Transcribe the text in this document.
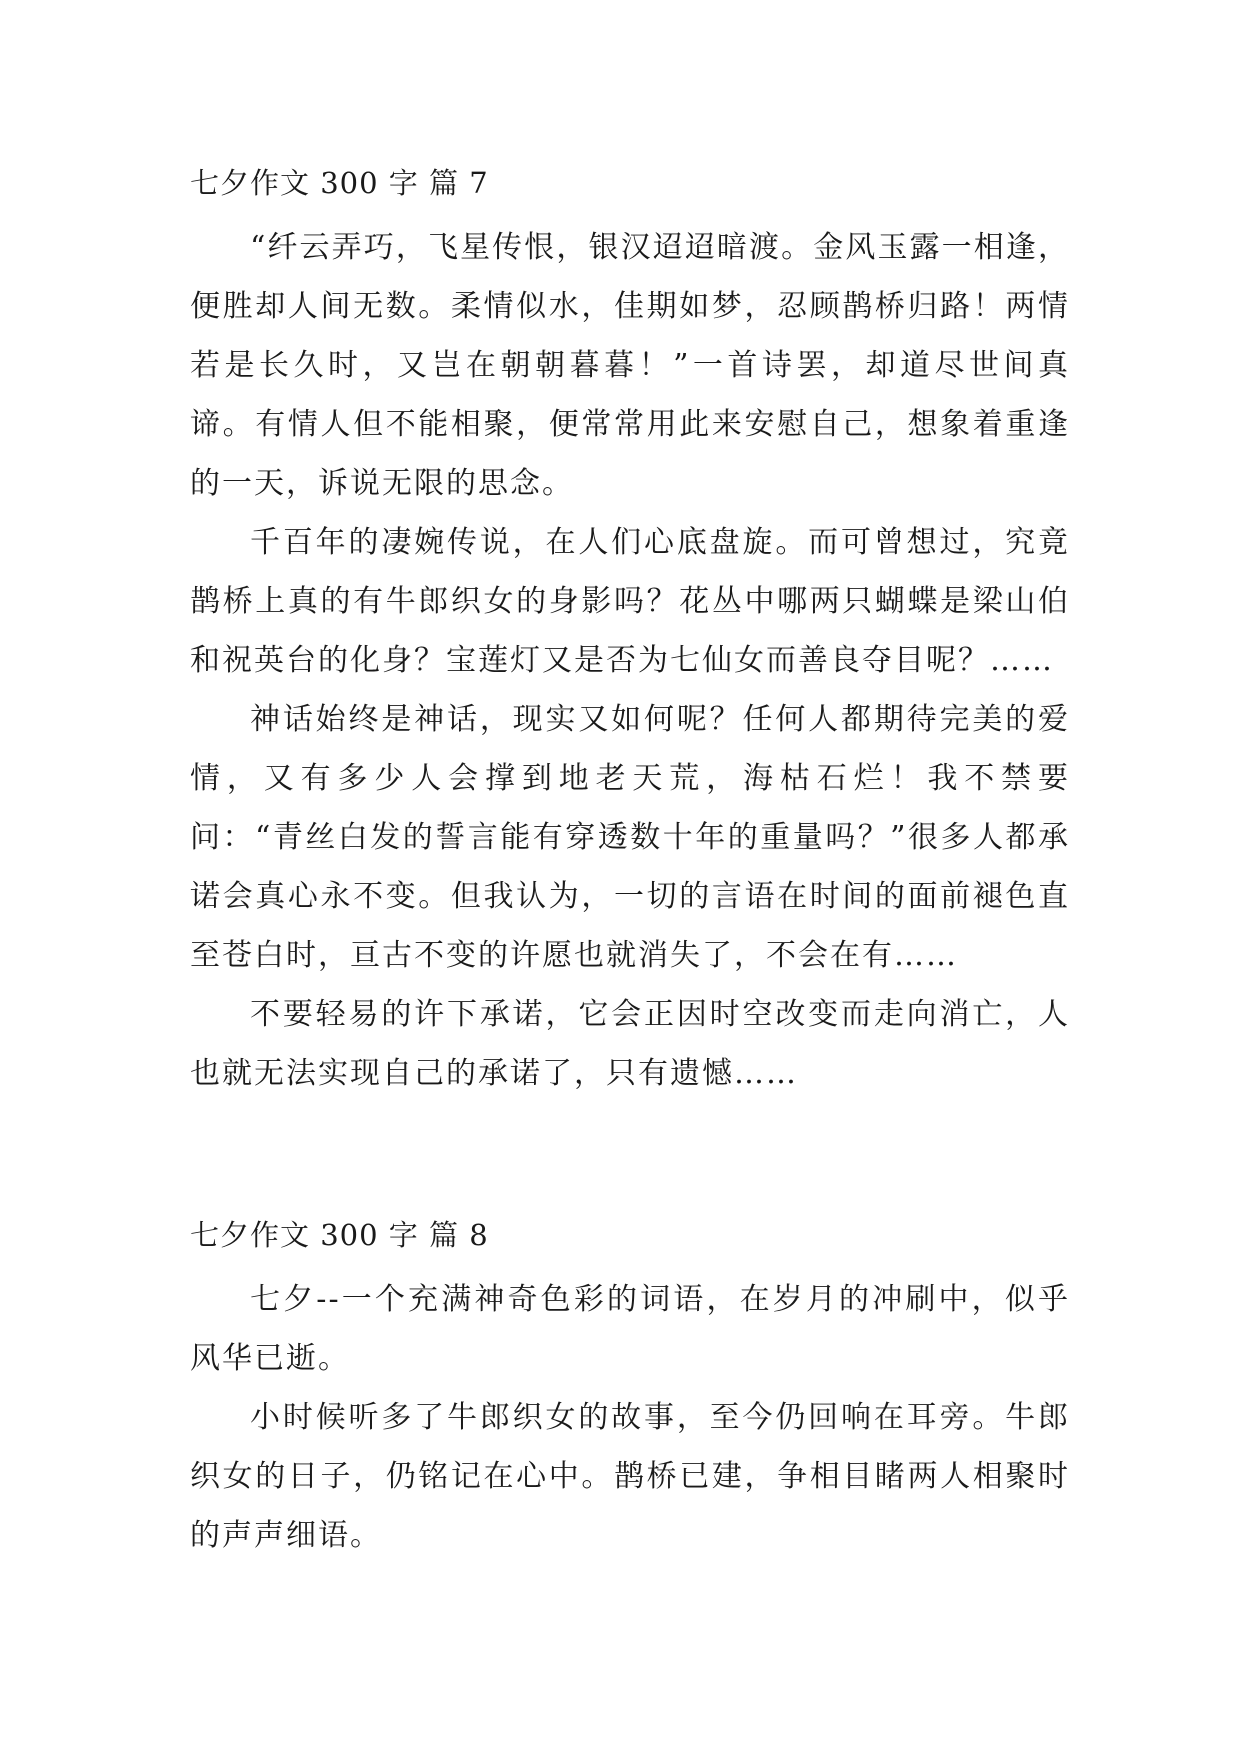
七夕作文 300 字 篇 7

“纤云弄巧，飞星传恨，银汉迢迢暗渡。金风玉露一相逢，便胜却人间无数。柔情似水，佳期如梦，忍顾鹊桥归路！两情若是长久时，又岂在朝朝暮暮！”一首诗罢，却道尽世间真谛。有情人但不能相聚，便常常用此来安慰自己，想象着重逢的一天，诉说无限的思念。

千百年的凄婉传说，在人们心底盘旋。而可曾想过，究竟鹊桥上真的有牛郎织女的身影吗？花丛中哪两只蝴蝶是梁山伯和祝英台的化身？宝莲灯又是否为七仙女而善良夺目呢？……

神话始终是神话，现实又如何呢？任何人都期待完美的爱情，又有多少人会撑到地老天荒，海枯石烂！我不禁要问：“青丝白发的誓言能有穿透数十年的重量吗？”很多人都承诺会真心永不变。但我认为，一切的言语在时间的面前褪色直至苍白时，亘古不变的许愿也就消失了，不会在有……

不要轻易的许下承诺，它会正因时空改变而走向消亡，人也就无法实现自己的承诺了，只有遗憾……

七夕作文 300 字 篇 8

七夕--一个充满神奇色彩的词语，在岁月的冲刷中，似乎风华已逝。

小时候听多了牛郎织女的故事，至今仍回响在耳旁。牛郎织女的日子，仍铭记在心中。鹊桥已建，争相目睹两人相聚时的声声细语。
